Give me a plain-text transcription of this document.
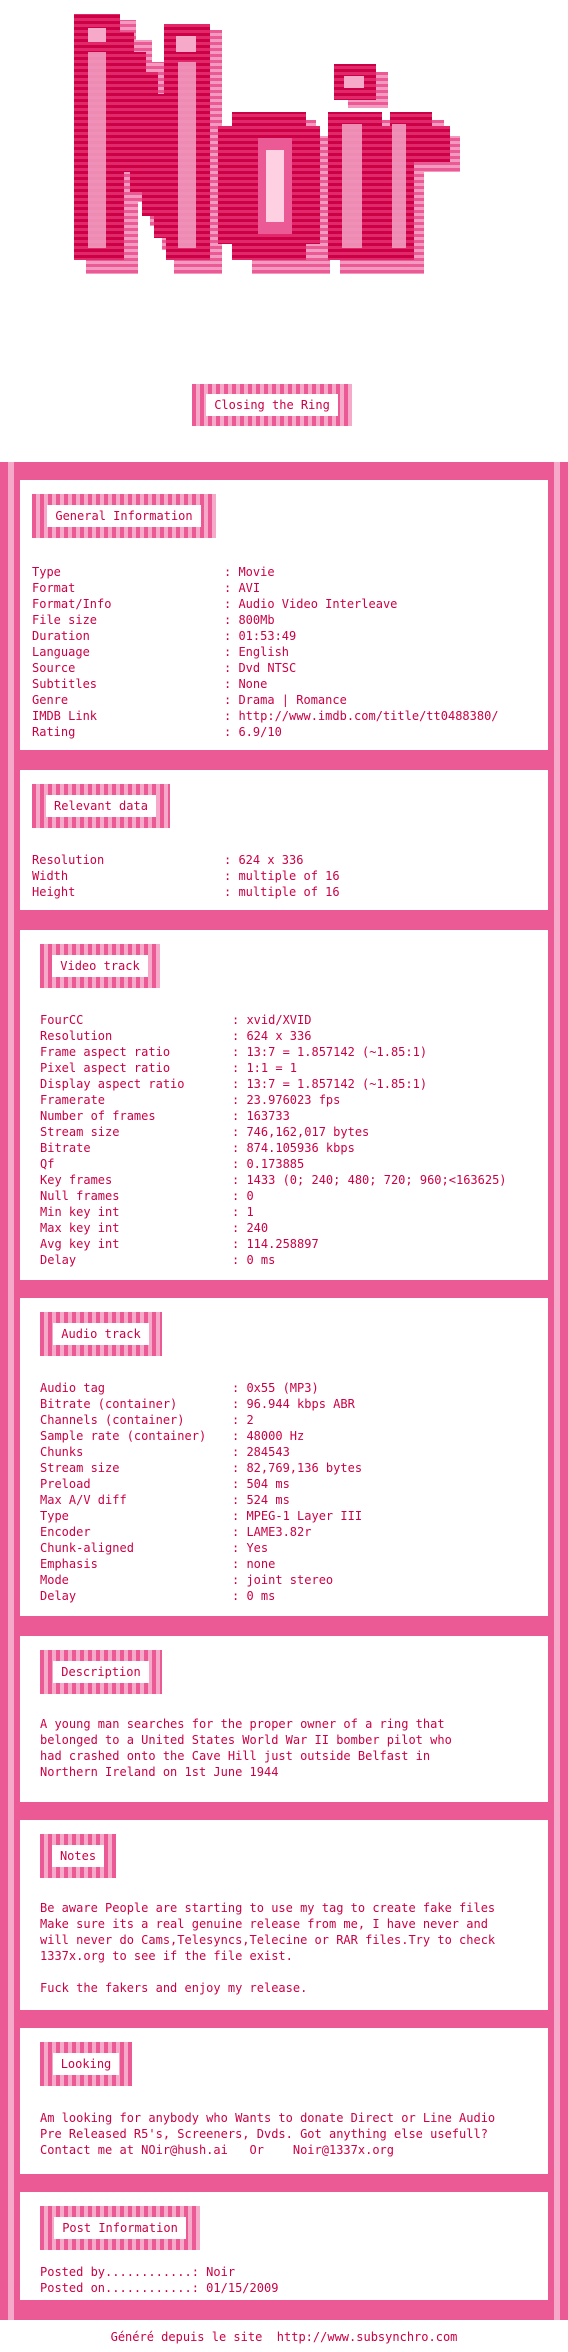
Closing the Ring
General Information
Type	: Movie
Format	: AVI
Format/Info	: Audio Video Interleave
File size	: 800Mb
Duration	: 01:53:49
Language	: English
Source	: Dvd NTSC
Subtitles	: None
Genre	: Drama | Romance
IMDB Link	: http://www.imdb.com/title/tt0488380/
Rating	: 6.9/10
Relevant data
Resolution	: 624 x 336
Width	: multiple of 16
Height	: multiple of 16
Video track
FourCC	: xvid/XVID
Resolution	: 624 x 336
Frame aspect ratio	: 13:7 = 1.857142 (~1.85:1)
Pixel aspect ratio	: 1:1 = 1
Display aspect ratio	: 13:7 = 1.857142 (~1.85:1)
Framerate	: 23.976023 fps
Number of frames	: 163733
Stream size	: 746,162,017 bytes
Bitrate	: 874.105936 kbps
Qf	: 0.173885
Key frames	: 1433 (0; 240; 480; 720; 960;<163625)
Null frames	: 0
Min key int	: 1
Max key int	: 240
Avg key int	: 114.258897
Delay	: 0 ms
Audio track
Audio tag	: 0x55 (MP3)
Bitrate (container)	: 96.944 kbps ABR
Channels (container)	: 2
Sample rate (container) : 48000 Hz
Chunks	: 284543
Stream size	: 82,769,136 bytes
Preload	: 504 ms
Max A/V diff	: 524 ms
Type	: MPEG-1 Layer III
Encoder	: LAME3.82r
Chunk-aligned	: Yes
Emphasis	: none
Mode	: joint stereo
Delay	: 0 ms
Description
A young man searches for the proper owner of a ring that
belonged to a United States World War II bomber pilot who
had crashed onto the Cave Hill just outside Belfast in
Northern Ireland on 1st June 1944
Notes
Be aware People are starting to use my tag to create fake files
Make sure its a real genuine release from me, I have never and
will never do Cams,Telesyncs,Telecine or RAR files.Try to check
1337x.org to see if the file exist.

Fuck the fakers and enjoy my release.
Looking
Am looking for anybody who Wants to donate Direct or Line Audio
Pre Released R5's, Screeners, Dvds. Got anything else usefull?
Contact me at NOir@hush.ai   Or    Noir@1337x.org
Post Information
Posted by............: Noir
Posted on............: 01/15/2009
Généré depuis le site  http://www.subsynchro.com
